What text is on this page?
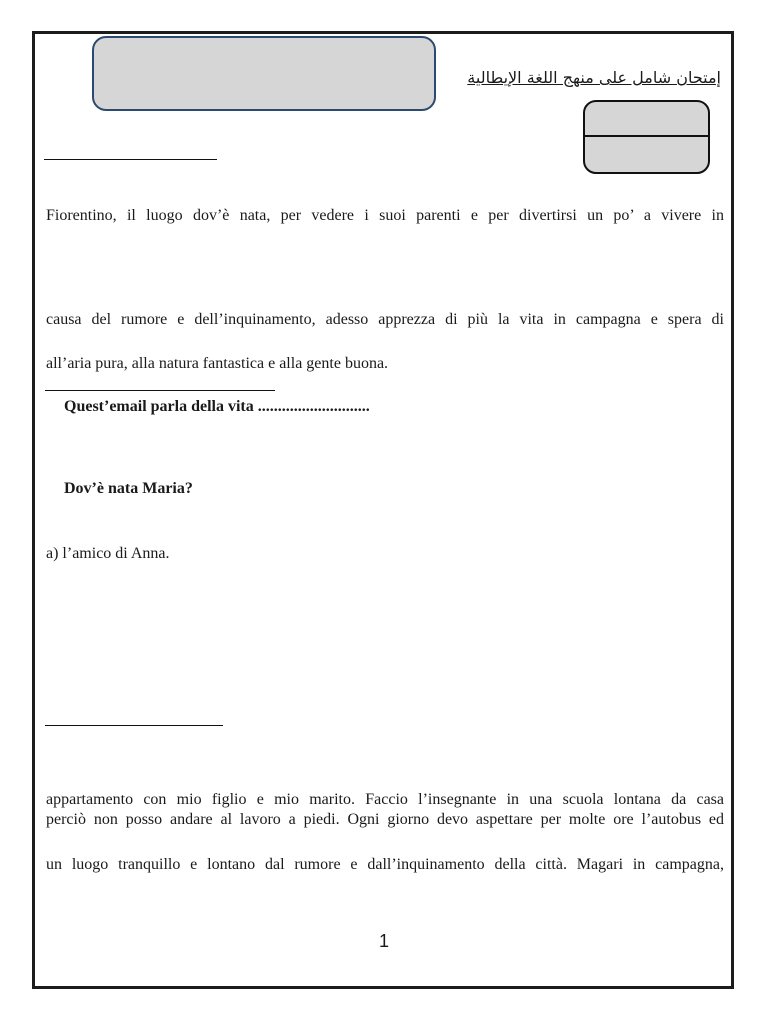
إمتحان شامل على منهج اللغة الإيطالية
Fiorentino, il luogo dov’è nata, per vedere i suoi parenti e per divertirsi un po’ a vivere in
causa del rumore e dell’inquinamento, adesso apprezza di più la vita in campagna e spera di
all’aria pura, alla natura fantastica e alla gente buona.
Quest’email parla della vita ............................
Dov’è nata Maria?
a) l’amico di Anna.
appartamento con mio figlio e mio marito. Faccio l’insegnante in una scuola lontana da casa
perciò non posso andare al lavoro a piedi. Ogni giorno devo aspettare per molte ore l’autobus ed
un luogo tranquillo e lontano dal rumore e dall’inquinamento della città. Magari in campagna,
1
